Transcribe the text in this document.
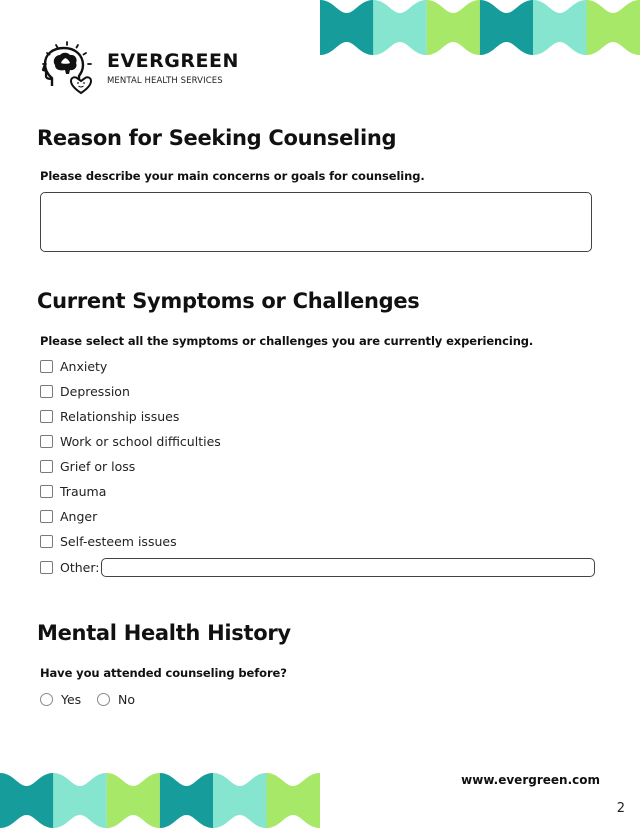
EVERGREEN
MENTAL HEALTH SERVICES
Reason for Seeking Counseling
Please describe your main concerns or goals for counseling.
Current Symptoms or Challenges
Please select all the symptoms or challenges you are currently experiencing.
Anxiety
Depression
Relationship issues
Work or school difficulties
Grief or loss
Trauma
Anger
Self-esteem issues
Other:
Mental Health History
Have you attended counseling before?
Yes	No
www.evergreen.com
2
